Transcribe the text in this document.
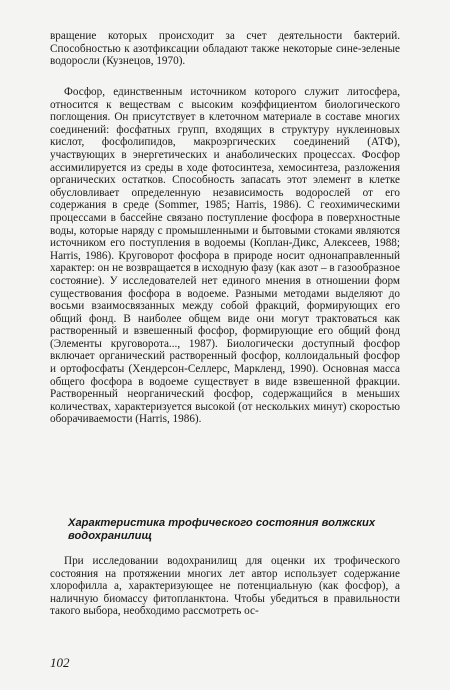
вращение которых происходит за счет деятельности бактерий. Способностью к азотфиксации обладают также некоторые сине-зеленые водоросли (Кузнецов, 1970).

Фосфор, единственным источником которого служит литосфера, относится к веществам с высоким коэффициентом биологического поглощения. Он присутствует в клеточном материале в составе многих соединений: фосфатных групп, входящих в структуру нуклеиновых кислот, фосфолипидов, макроэргических соединений (АТФ), участвующих в энергетических и анаболических процессах. Фосфор ассимилируется из среды в ходе фотосинтеза, хемосинтеза, разложения органических остатков. Способность запасать этот элемент в клетке обусловливает определенную независимость водорослей от его содержания в среде (Sommer, 1985; Harris, 1986). С геохимическими процессами в бассейне связано поступление фосфора в поверхностные воды, которые наряду с промышленными и бытовыми стоками являются источником его поступления в водоемы (Коплан-Дикс, Алексеев, 1988; Harris, 1986). Круговорот фосфора в природе носит однонаправленный характер: он не возвращается в исходную фазу (как азот – в газообразное состояние). У исследователей нет единого мнения в отношении форм существования фосфора в водоеме. Разными методами выделяют до восьми взаимосвязанных между собой фракций, формирующих его общий фонд. В наиболее общем виде они могут трактоваться как растворенный и взвешенный фосфор, формирующие его общий фонд (Элементы круговорота..., 1987). Биологически доступный фосфор включает органический растворенный фосфор, коллоидальный фосфор и ортофосфаты (Хендерсон-Селлерс, Маркленд, 1990). Основная масса общего фосфора в водоеме существует в виде взвешенной фракции. Растворенный неорганический фосфор, содержащийся в меньших количествах, характеризуется высокой (от нескольких минут) скоростью оборачиваемости (Harris, 1986).

Характеристика трофического состояния волжских водохранилищ

При исследовании водохранилищ для оценки их трофического состояния на протяжении многих лет автор использует содержание хлорофилла a, характеризующее не потенциальную (как фосфор), а наличную биомассу фитопланктона. Чтобы убедиться в правильности такого выбора, необходимо рассмотреть ос-

102
